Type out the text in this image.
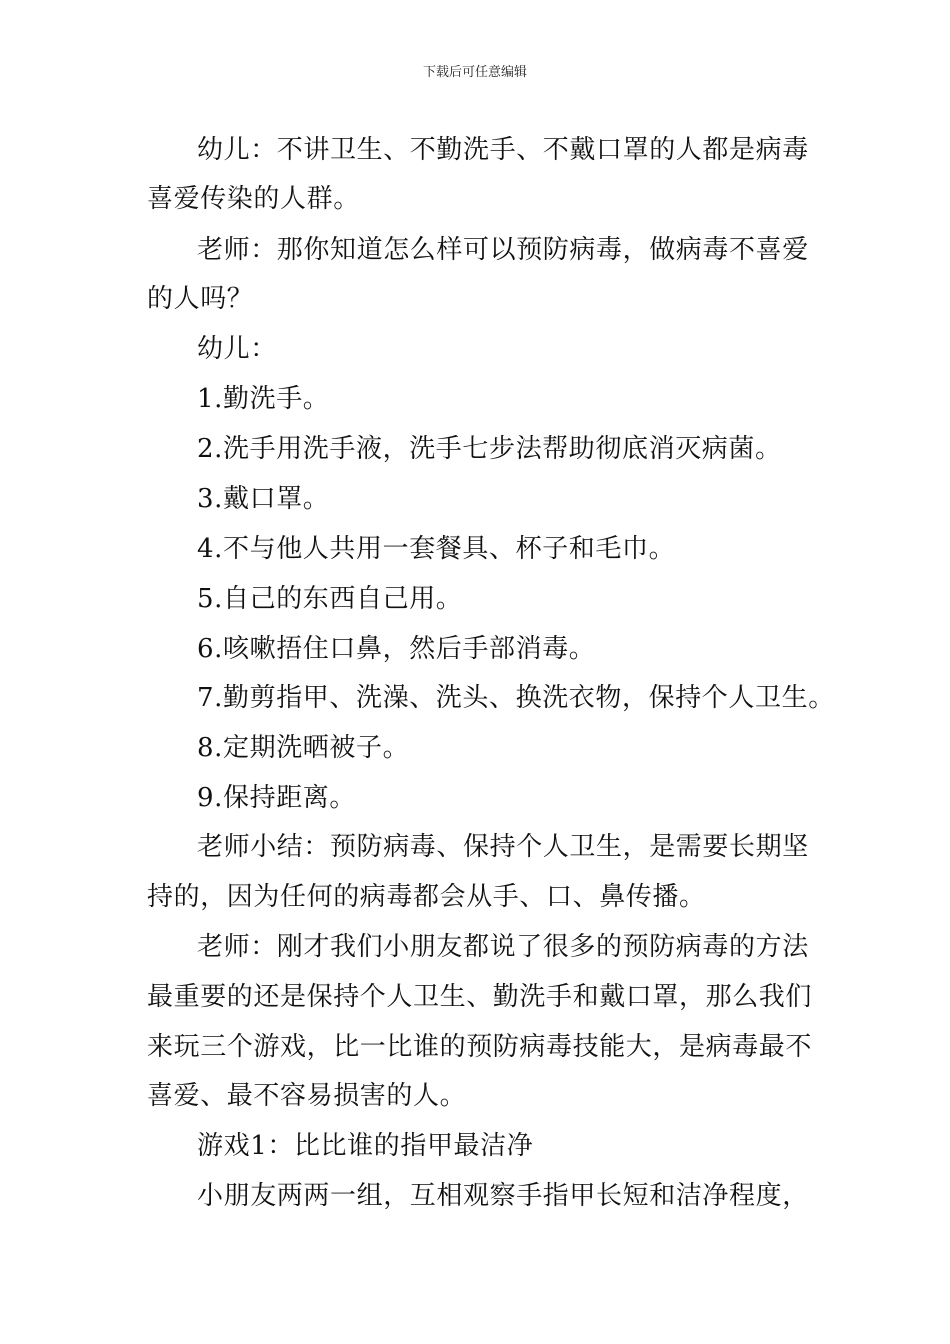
下载后可任意编辑
幼儿：不讲卫生、不勤洗手、不戴口罩的人都是病毒
喜爱传染的人群。
老师：那你知道怎么样可以预防病毒，做病毒不喜爱
的人吗？
幼儿：
1.勤洗手。
2.洗手用洗手液，洗手七步法帮助彻底消灭病菌。
3.戴口罩。
4.不与他人共用一套餐具、杯子和毛巾。
5.自己的东西自己用。
6.咳嗽捂住口鼻，然后手部消毒。
7.勤剪指甲、洗澡、洗头、换洗衣物，保持个人卫生。
8.定期洗晒被子。
9.保持距离。
老师小结：预防病毒、保持个人卫生，是需要长期坚
持的，因为任何的病毒都会从手、口、鼻传播。
老师：刚才我们小朋友都说了很多的预防病毒的方法
最重要的还是保持个人卫生、勤洗手和戴口罩，那么我们
来玩三个游戏，比一比谁的预防病毒技能大，是病毒最不
喜爱、最不容易损害的人。
游戏1：比比谁的指甲最洁净
小朋友两两一组，互相观察手指甲长短和洁净程度，
